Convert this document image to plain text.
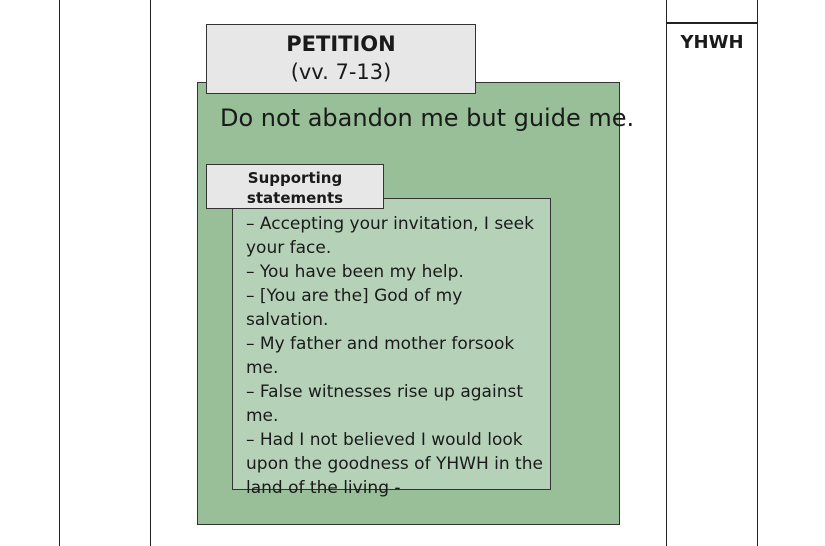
YHWH
PETITION
(vv. 7-13)
Do not abandon me but guide me.
Supporting statements
– Accepting your invitation, I seek your face.
– You have been my help.
– [You are the] God of my salvation.
– My father and mother forsook me.
– False witnesses rise up against me.
– Had I not believed I would look upon the goodness of YHWH in the land of the living -
